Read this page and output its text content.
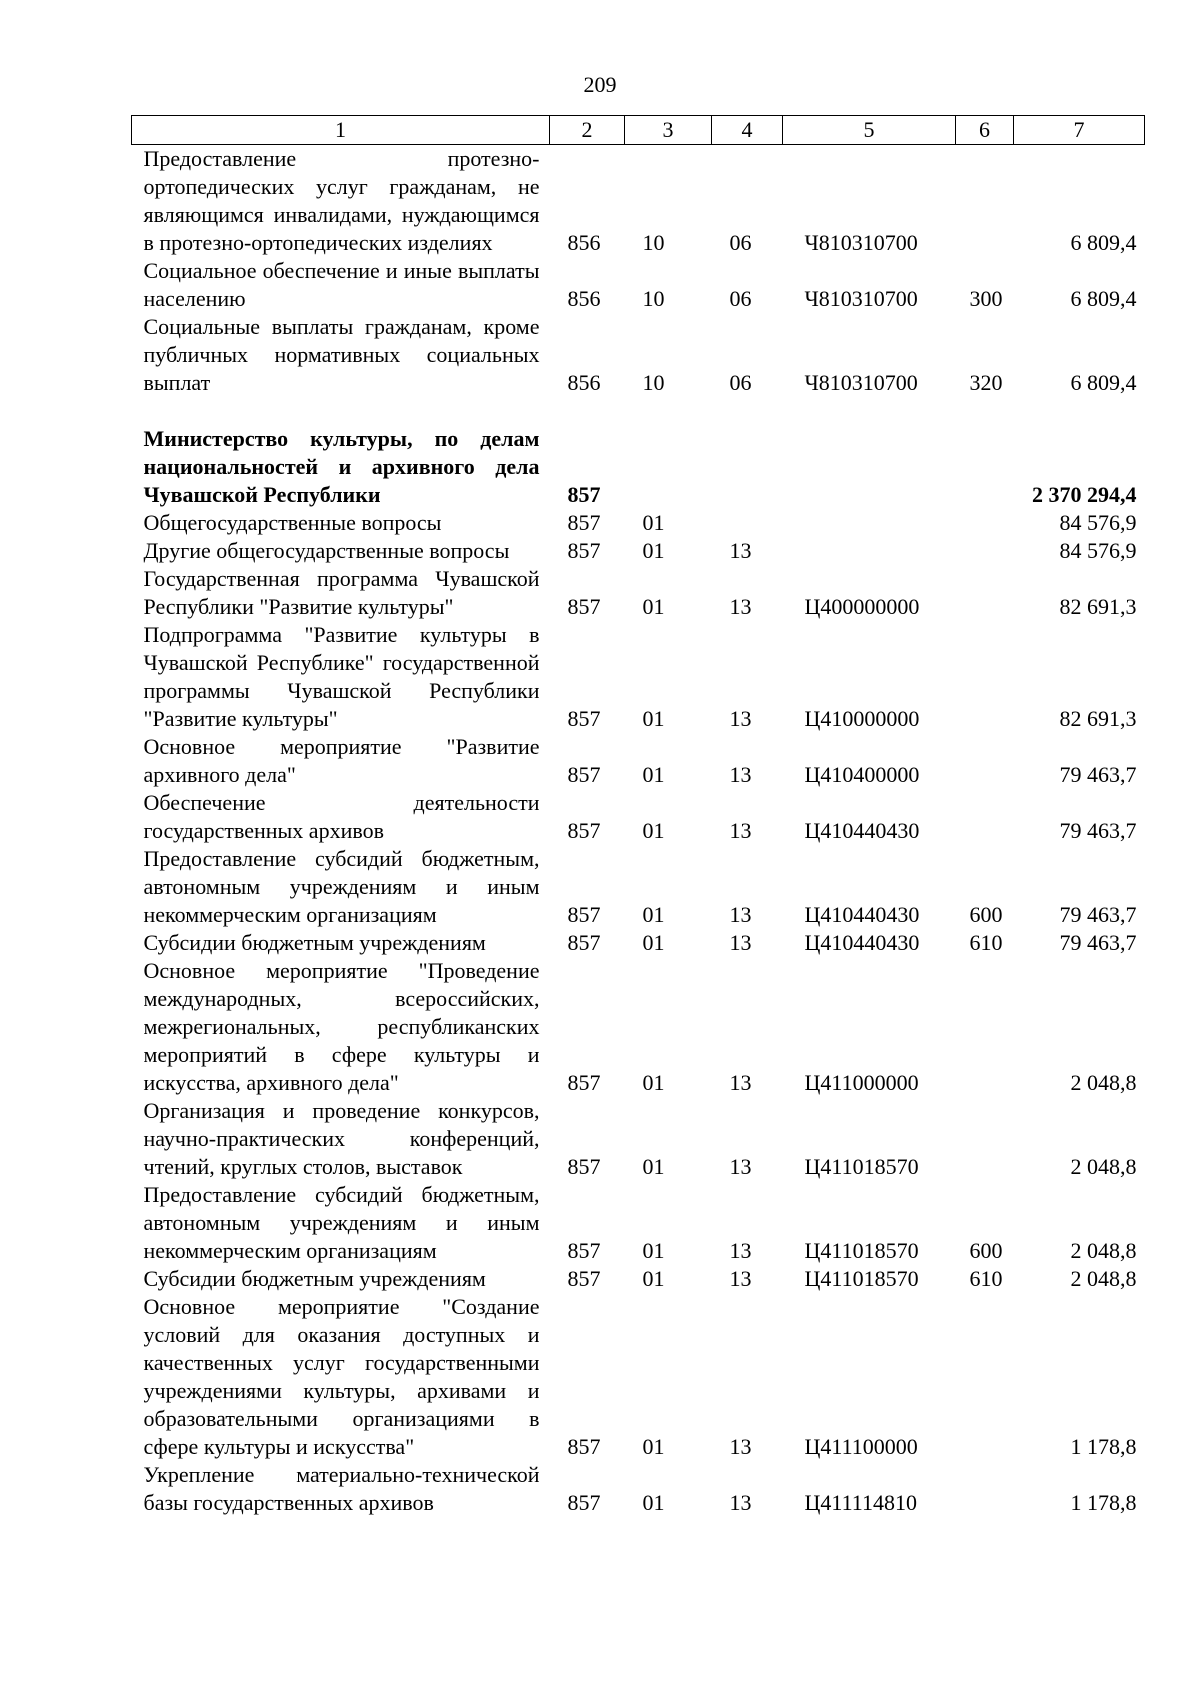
209
1	2	3	4	5	6	7
Предоставление протезно-ортопедических услуг гражданам, не являющимся инвалидами, нуждающимся в протезно-ортопедических изделиях	856	10	06	Ч810310700		6 809,4
Социальное обеспечение и иные выплаты населению	856	10	06	Ч810310700	300	6 809,4
Социальные выплаты гражданам, кроме публичных нормативных социальных выплат	856	10	06	Ч810310700	320	6 809,4

Министерство культуры, по делам национальностей и архивного дела Чувашской Республики	857					2 370 294,4
Общегосударственные вопросы	857	01				84 576,9
Другие общегосударственные вопросы	857	01	13			84 576,9
Государственная программа Чувашской Республики "Развитие культуры"	857	01	13	Ц400000000		82 691,3
Подпрограмма "Развитие культуры в Чувашской Республике" государственной программы Чувашской Республики "Развитие культуры"	857	01	13	Ц410000000		82 691,3
Основное мероприятие "Развитие архивного дела"	857	01	13	Ц410400000		79 463,7
Обеспечение деятельности государственных архивов	857	01	13	Ц410440430		79 463,7
Предоставление субсидий бюджетным, автономным учреждениям и иным некоммерческим организациям	857	01	13	Ц410440430	600	79 463,7
Субсидии бюджетным учреждениям	857	01	13	Ц410440430	610	79 463,7
Основное мероприятие "Проведение международных, всероссийских, межрегиональных, республиканских мероприятий в сфере культуры и искусства, архивного дела"	857	01	13	Ц411000000		2 048,8
Организация и проведение конкурсов, научно-практических конференций, чтений, круглых столов, выставок	857	01	13	Ц411018570		2 048,8
Предоставление субсидий бюджетным, автономным учреждениям и иным некоммерческим организациям	857	01	13	Ц411018570	600	2 048,8
Субсидии бюджетным учреждениям	857	01	13	Ц411018570	610	2 048,8
Основное мероприятие "Создание условий для оказания доступных и качественных услуг государственными учреждениями культуры, архивами и образовательными организациями в сфере культуры и искусства"	857	01	13	Ц411100000		1 178,8
Укрепление материально-технической базы государственных архивов	857	01	13	Ц411114810		1 178,8
